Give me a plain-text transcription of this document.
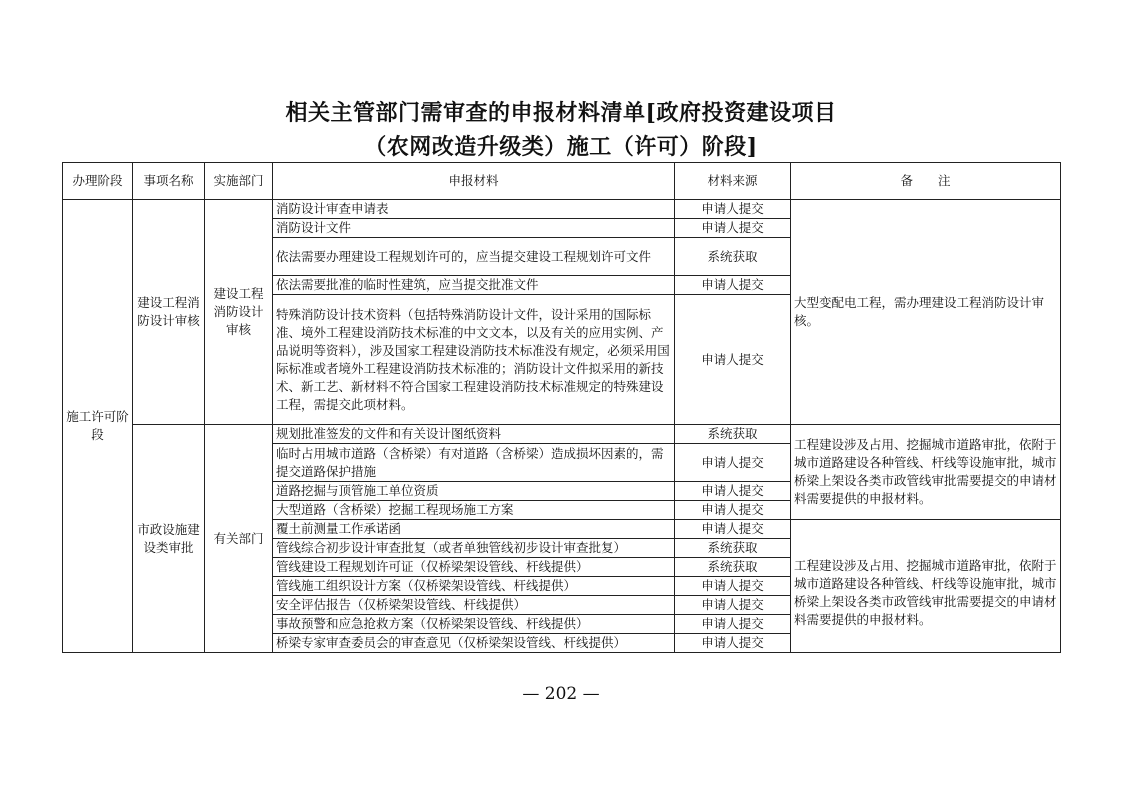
相关主管部门需审查的申报材料清单[政府投资建设项目
（农网改造升级类）施工（许可）阶段]
办理阶段	事项名称	实施部门	申报材料	材料来源	备　　注
施工许可阶段	建设工程消防设计审核	建设工程消防设计审核	消防设计审查申请表	申请人提交	大型变配电工程，需办理建设工程消防设计审核。
			消防设计文件	申请人提交	
			依法需要办理建设工程规划许可的，应当提交建设工程规划许可文件	系统获取	
			依法需要批准的临时性建筑，应当提交批准文件	申请人提交	
			特殊消防设计技术资料（包括特殊消防设计文件，设计采用的国际标准、境外工程建设消防技术标准的中文文本，以及有关的应用实例、产品说明等资料），涉及国家工程建设消防技术标准没有规定，必须采用国际标准或者境外工程建设消防技术标准的；消防设计文件拟采用的新技术、新工艺、新材料不符合国家工程建设消防技术标准规定的特殊建设工程，需提交此项材料。	申请人提交	
	市政设施建设类审批	有关部门	规划批准签发的文件和有关设计图纸资料	系统获取	工程建设涉及占用、挖掘城市道路审批，依附于城市道路建设各种管线、杆线等设施审批，城市桥梁上架设各类市政管线审批需要提交的申请材料需要提供的申报材料。
			临时占用城市道路（含桥梁）有对道路（含桥梁）造成损坏因素的，需提交道路保护措施	申请人提交	
			道路挖掘与顶管施工单位资质	申请人提交	
			大型道路（含桥梁）挖掘工程现场施工方案	申请人提交	
			覆土前测量工作承诺函	申请人提交	工程建设涉及占用、挖掘城市道路审批，依附于城市道路建设各种管线、杆线等设施审批，城市桥梁上架设各类市政管线审批需要提交的申请材料需要提供的申报材料。
			管线综合初步设计审查批复（或者单独管线初步设计审查批复）	系统获取	
			管线建设工程规划许可证（仅桥梁架设管线、杆线提供）	系统获取	
			管线施工组织设计方案（仅桥梁架设管线、杆线提供）	申请人提交	
			安全评估报告（仅桥梁架设管线、杆线提供）	申请人提交	
			事故预警和应急抢救方案（仅桥梁架设管线、杆线提供）	申请人提交	
			桥梁专家审查委员会的审查意见（仅桥梁架设管线、杆线提供）	申请人提交	
— 202 —
